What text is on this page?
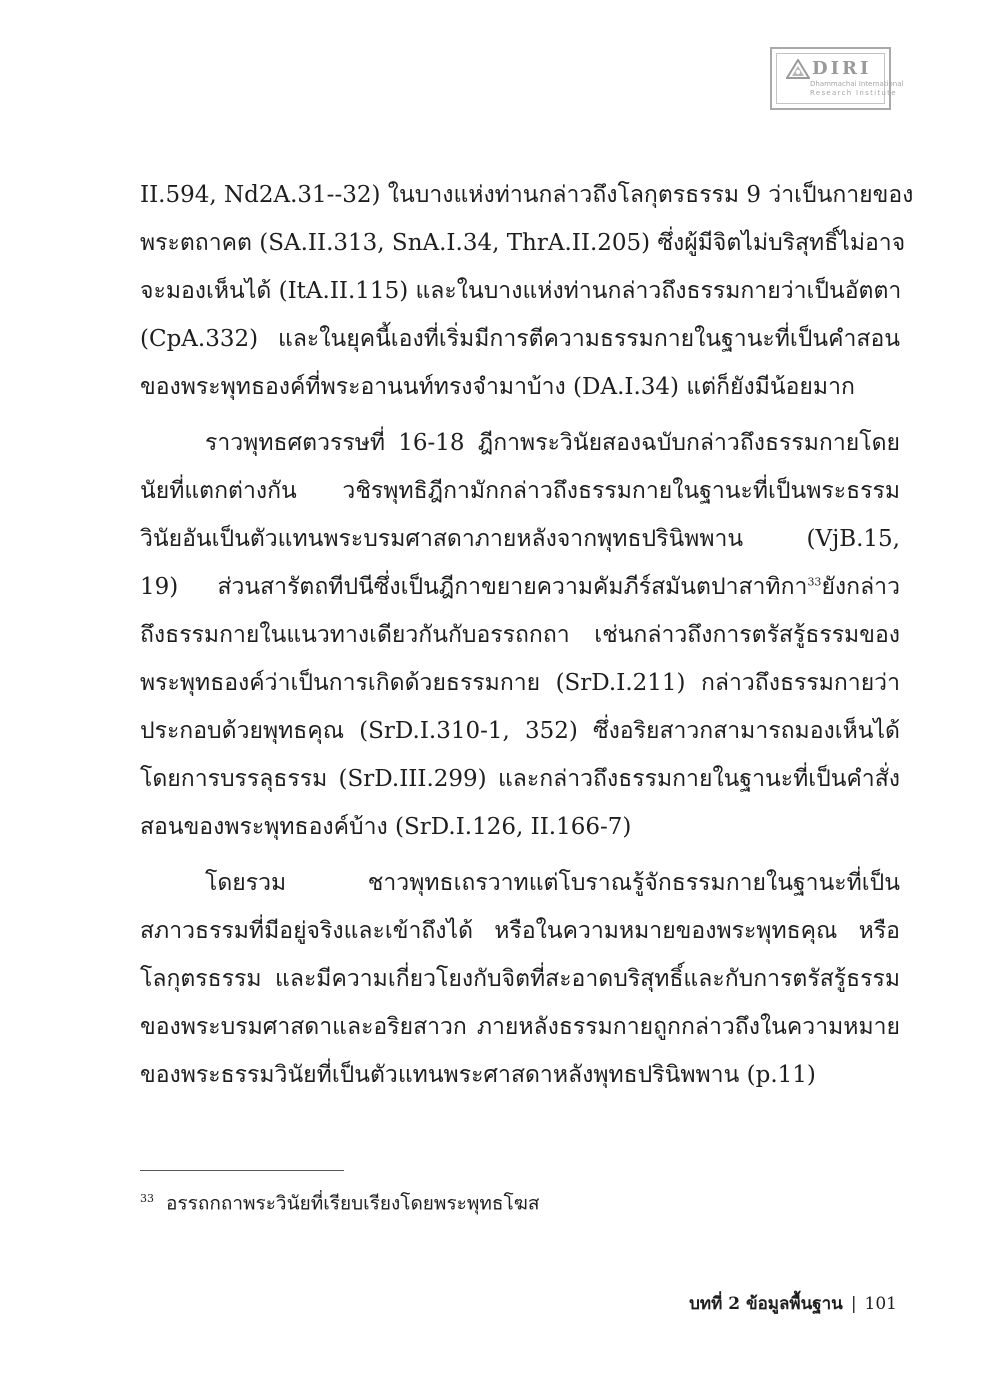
DIRI
Dhammachai International
Research Institute
II.594, Nd2A.31--32) ในบางแห่งท่านกล่าวถึงโลกุตรธรรม 9 ว่าเป็นกายของ
พระตถาคต (SA.II.313, SnA.I.34, ThrA.II.205) ซึ่งผู้มีจิตไม่บริสุทธิ์ไม่อาจ
จะมองเห็นได้ (ItA.II.115) และในบางแห่งท่านกล่าวถึงธรรมกายว่าเป็นอัตตา
(CpA.332) และในยุคนี้เองที่เริ่มมีการตีความธรรมกายในฐานะที่เป็นคำสอน
ของพระพุทธองค์ที่พระอานนท์ทรงจำมาบ้าง (DA.I.34) แต่ก็ยังมีน้อยมาก
ราวพุทธศตวรรษที่ 16-18 ฎีกาพระวินัยสองฉบับกล่าวถึงธรรมกายโดย
นัยที่แตกต่างกัน วชิรพุทธิฎีกามักกล่าวถึงธรรมกายในฐานะที่เป็นพระธรรม
วินัยอันเป็นตัวแทนพระบรมศาสดาภายหลังจากพุทธปรินิพพาน (VjB.15,
19) ส่วนสารัตถทีปนีซึ่งเป็นฎีกาขยายความคัมภีร์สมันตปาสาทิกา$^{33}$ยังกล่าว
ถึงธรรมกายในแนวทางเดียวกันกับอรรถกถา เช่นกล่าวถึงการตรัสรู้ธรรมของ
พระพุทธองค์ว่าเป็นการเกิดด้วยธรรมกาย (SrD.I.211) กล่าวถึงธรรมกายว่า
ประกอบด้วยพุทธคุณ (SrD.I.310-1, 352) ซึ่งอริยสาวกสามารถมองเห็นได้
โดยการบรรลุธรรม (SrD.III.299) และกล่าวถึงธรรมกายในฐานะที่เป็นคำสั่ง
สอนของพระพุทธองค์บ้าง (SrD.I.126, II.166-7)
โดยรวม ชาวพุทธเถรวาทแต่โบราณรู้จักธรรมกายในฐานะที่เป็น
สภาวธรรมที่มีอยู่จริงและเข้าถึงได้ หรือในความหมายของพระพุทธคุณ หรือ
โลกุตรธรรม และมีความเกี่ยวโยงกับจิตที่สะอาดบริสุทธิ์และกับการตรัสรู้ธรรม
ของพระบรมศาสดาและอริยสาวก ภายหลังธรรมกายถูกกล่าวถึงในความหมาย
ของพระธรรมวินัยที่เป็นตัวแทนพระศาสดาหลังพุทธปรินิพพาน (p.11)
$^{33}$ อรรถกถาพระวินัยที่เรียบเรียงโดยพระพุทธโฆส
บทที่ 2 ข้อมูลพื้นฐาน | 101
